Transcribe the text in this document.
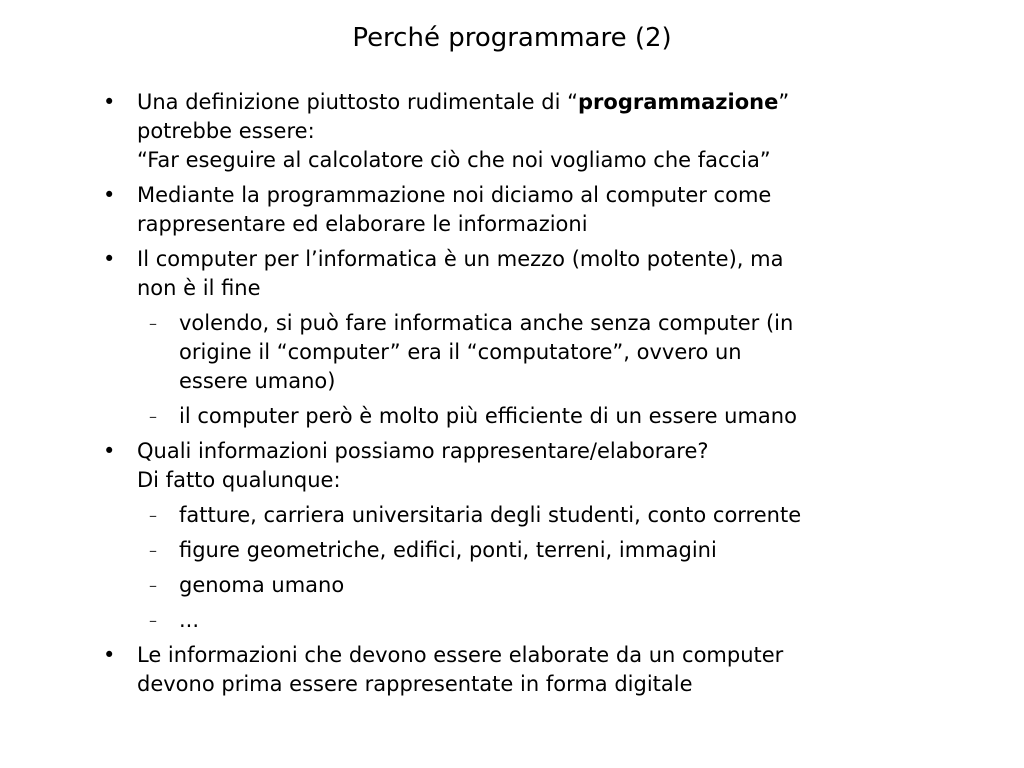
Perché programmare (2)
•	Una definizione piuttosto rudimentale di “programmazione”
potrebbe essere:
“Far eseguire al calcolatore ciò che noi vogliamo che faccia”
•	Mediante la programmazione noi diciamo al computer come
rappresentare ed elaborare le informazioni
•	Il computer per l’informatica è un mezzo (molto potente), ma
non è il fine
–	volendo, si può fare informatica anche senza computer (in
origine il “computer” era il “computatore”, ovvero un
essere umano)
–	il computer però è molto più efficiente di un essere umano
•	Quali informazioni possiamo rappresentare/elaborare?
Di fatto qualunque:
–	fatture, carriera universitaria degli studenti, conto corrente
–	figure geometriche, edifici, ponti, terreni, immagini
–	genoma umano
–	...
•	Le informazioni che devono essere elaborate da un computer
devono prima essere rappresentate in forma digitale
